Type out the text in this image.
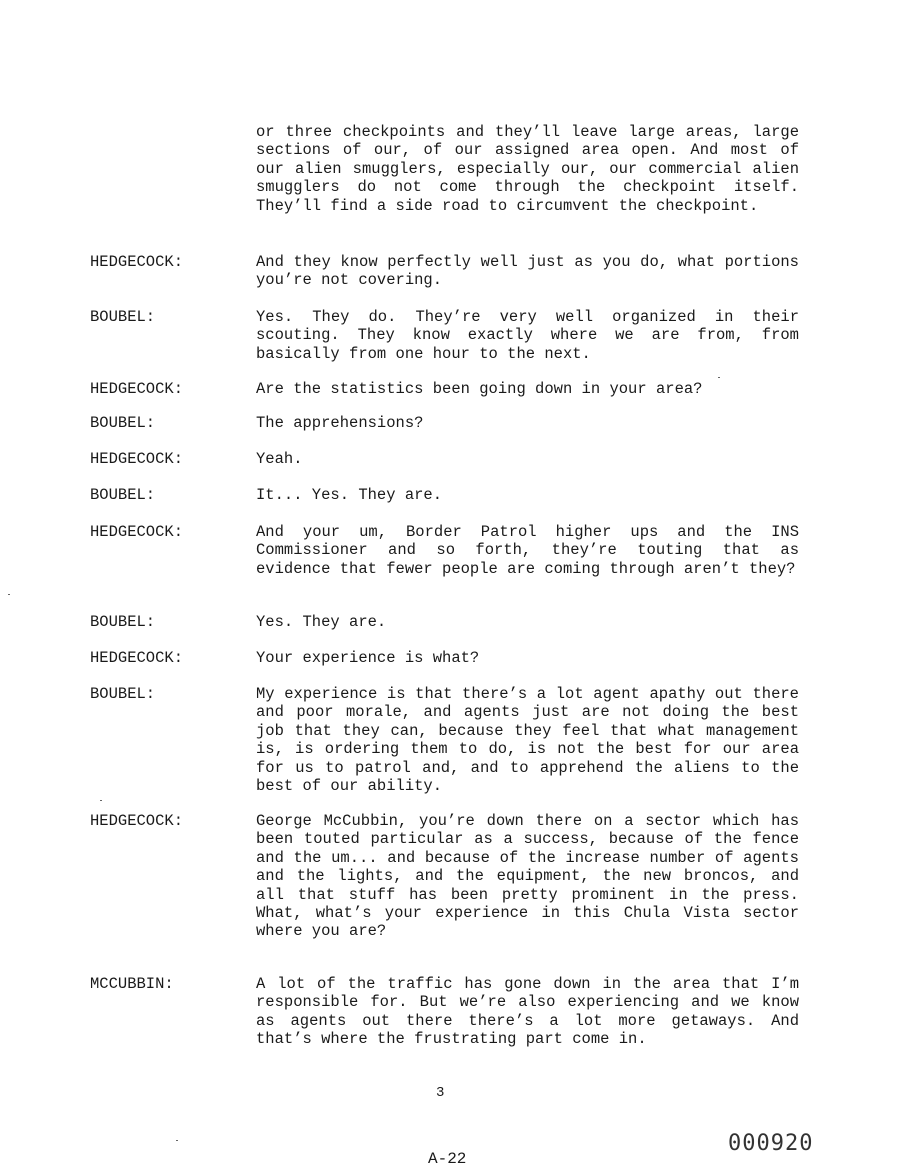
or three checkpoints and they’ll leave large areas, large sections of our, of our assigned area open. And most of our alien smugglers, especially our, our commercial alien smugglers do not come through the checkpoint itself. They’ll find a side road to circumvent the checkpoint.
HEDGECOCK:	And they know perfectly well just as you do, what portions you’re not covering.
BOUBEL:	Yes. They do. They’re very well organized in their scouting. They know exactly where we are from, from basically from one hour to the next.
HEDGECOCK:	Are the statistics been going down in your area?
BOUBEL:	The apprehensions?
HEDGECOCK:	Yeah.
BOUBEL:	It... Yes. They are.
HEDGECOCK:	And your um, Border Patrol higher ups and the INS Commissioner and so forth, they’re touting that as evidence that fewer people are coming through aren’t they?
BOUBEL:	Yes. They are.
HEDGECOCK:	Your experience is what?
BOUBEL:	My experience is that there’s a lot agent apathy out there and poor morale, and agents just are not doing the best job that they can, because they feel that what management is, is ordering them to do, is not the best for our area for us to patrol and, and to apprehend the aliens to the best of our ability.
HEDGECOCK:	George McCubbin, you’re down there on a sector which has been touted particular as a success, because of the fence and the um... and because of the increase number of agents and the lights, and the equipment, the new broncos, and all that stuff has been pretty prominent in the press. What, what’s your experience in this Chula Vista sector where you are?
MCCUBBIN:	A lot of the traffic has gone down in the area that I’m responsible for. But we’re also experiencing and we know as agents out there there’s a lot more getaways. And that’s where the frustrating part come in.
3
A-22
000920
